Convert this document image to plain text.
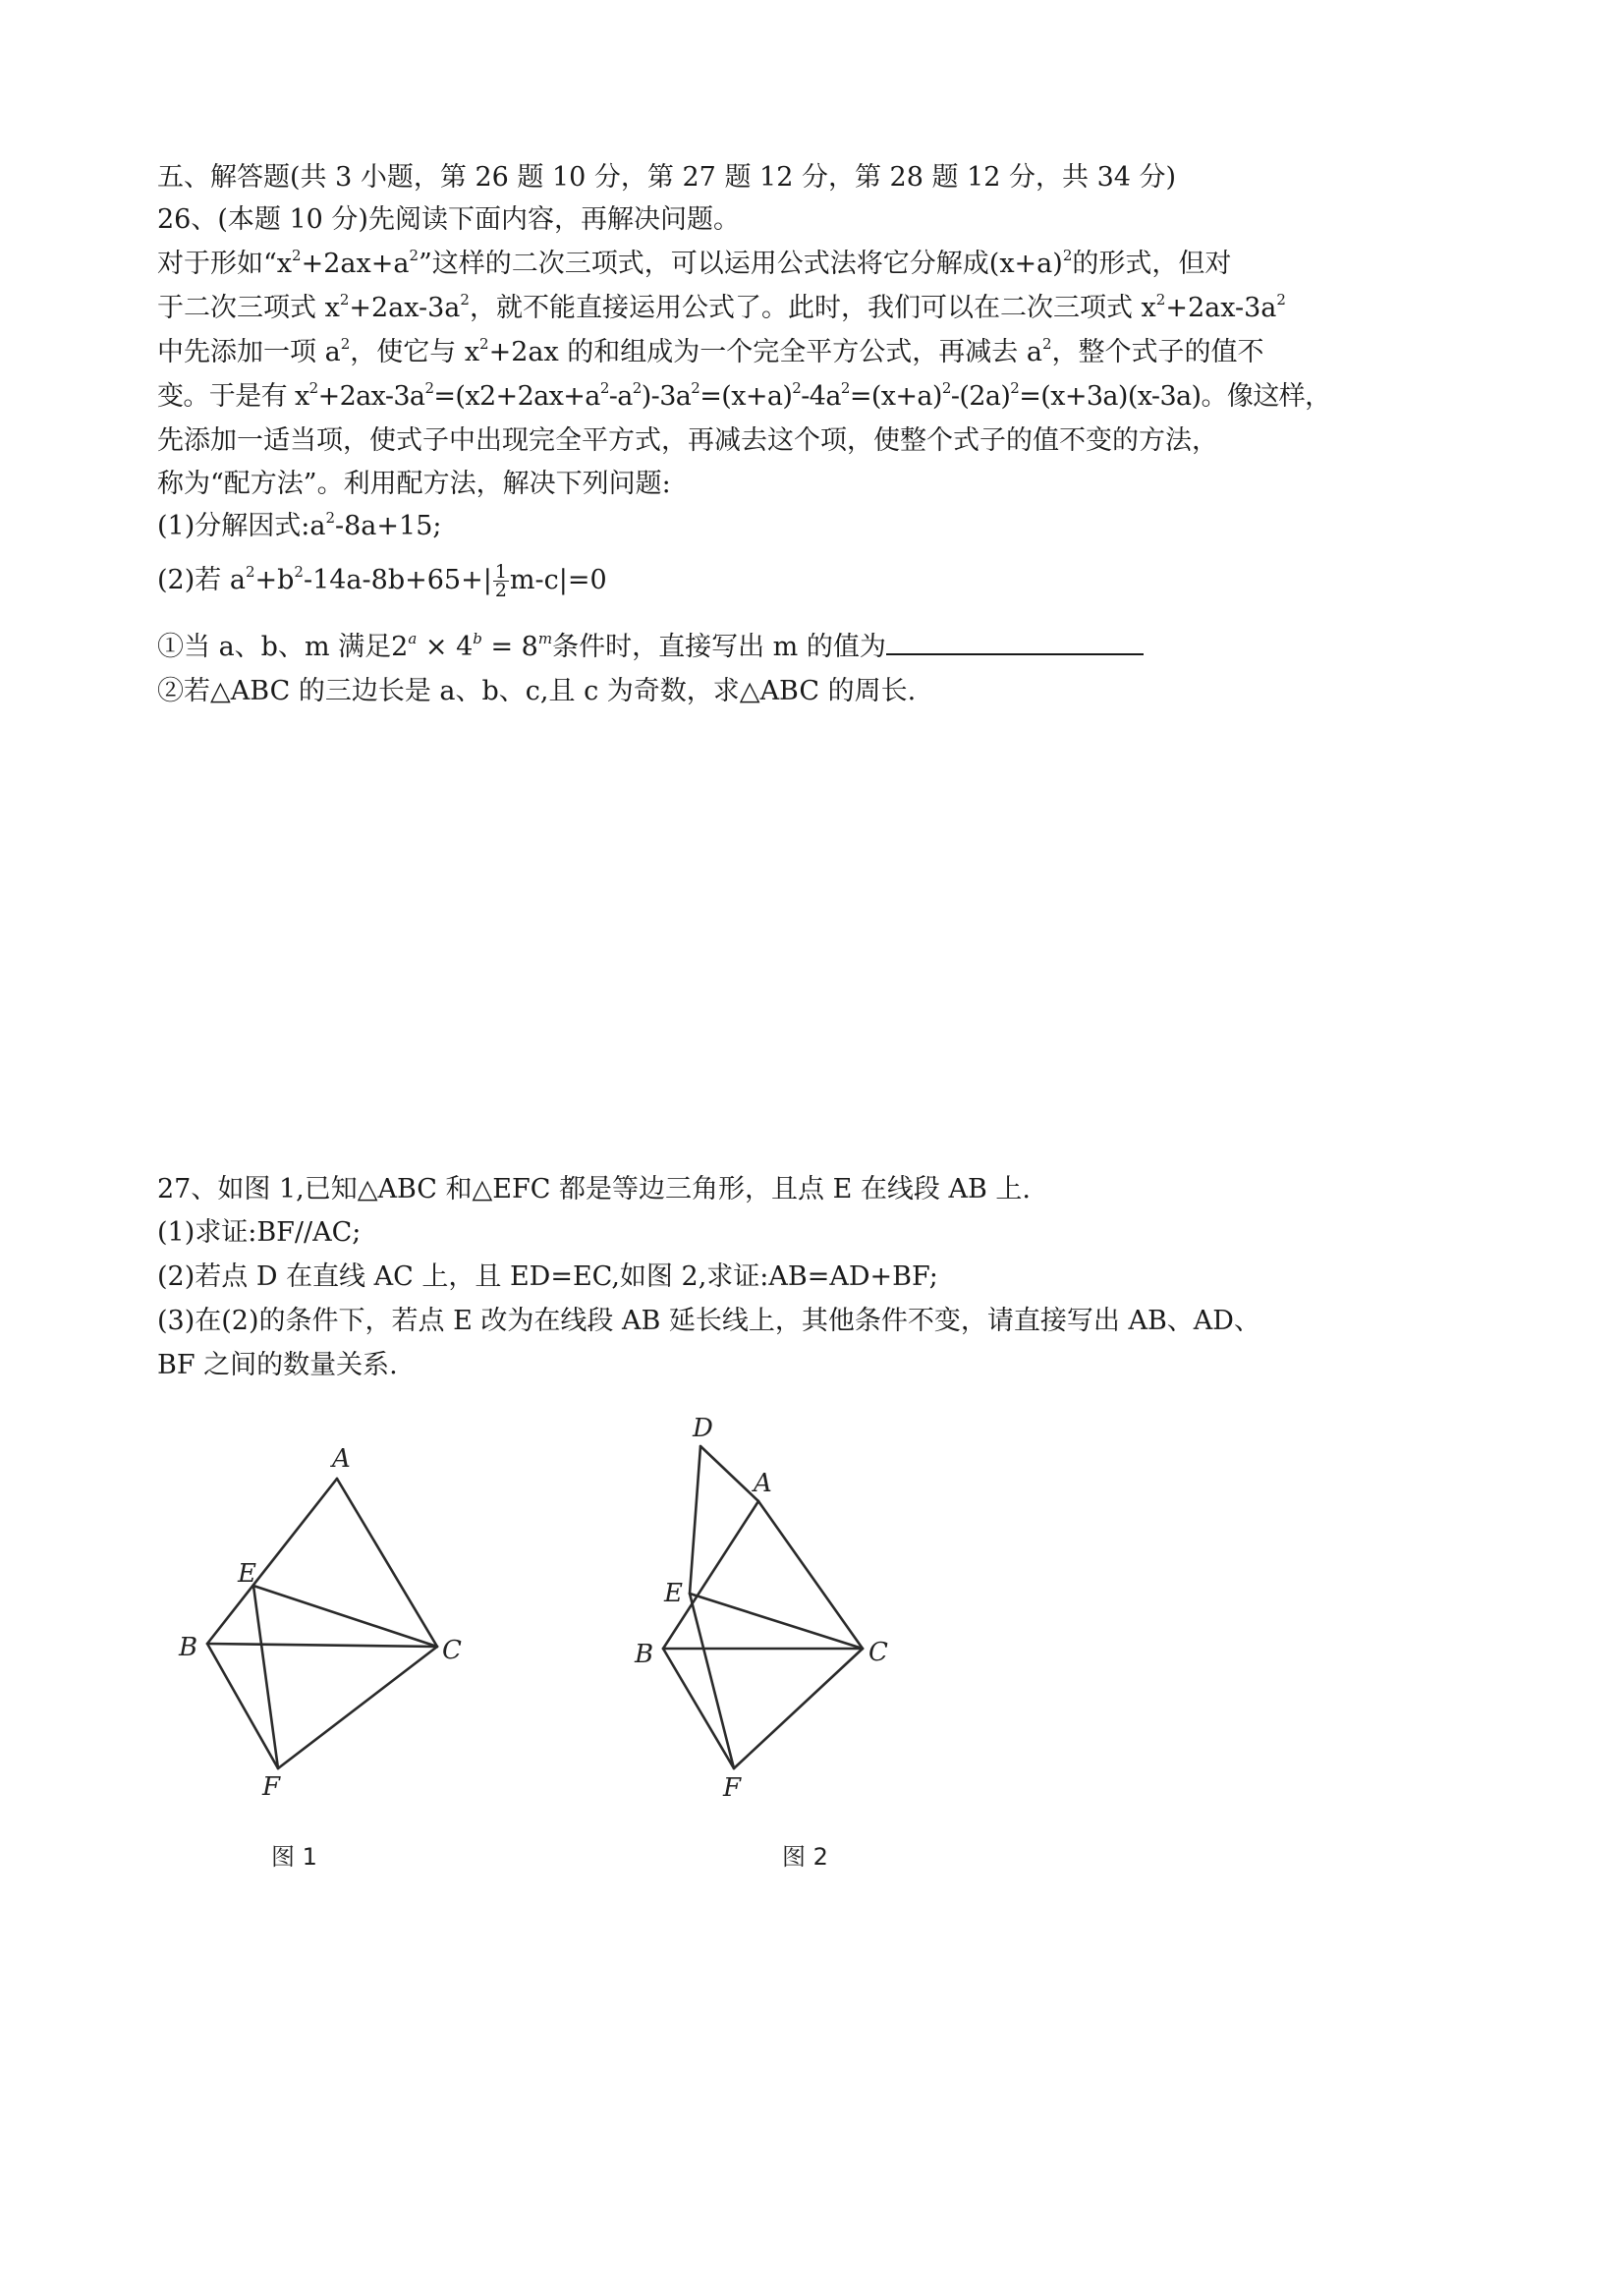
五、解答题(共 3 小题，第 26 题 10 分，第 27 题 12 分，第 28 题 12 分，共 34 分)
26、(本题 10 分)先阅读下面内容，再解决问题。
对于形如“$x^2+2ax+a^2$”这样的二次三项式，可以运用公式法将它分解成$(x+a)^2$的形式，但对
于二次三项式 $x^2+2ax-3a^2$，就不能直接运用公式了。此时，我们可以在二次三项式 $x^2+2ax-3a^2$
中先添加一项 $a^2$，使它与 $x^2+2ax$ 的和组成为一个完全平方公式，再减去 $a^2$，整个式子的值不
变。于是有 $x^2+2ax-3a^2=(x2+2ax+a^2-a^2)-3a^2=(x+a)^2-4a^2=(x+a)^2-(2a)^2=(x+3a)(x-3a)$。像这样，
先添加一适当项，使式子中出现完全平方式，再减去这个项，使整个式子的值不变的方法，
称为“配方法”。利用配方法，解决下列问题:
(1)分解因式$:a^2-8a+15$;
(2)若 $a^2+b^2-14a-8b+65+| \frac{1}{2} m-c|=0$
①当 a、b、m 满足$2^a \times 4^b = 8^m$条件时，直接写出 m 的值为
②若△ABC 的三边长是 a、b、c,且 c 为奇数，求△ABC 的周长.
27、如图 1,已知△ABC 和△EFC 都是等边三角形，且点 E 在线段 AB 上.
(1)求证:BF//AC;
(2)若点 D 在直线 AC 上，且 ED=EC,如图 2,求证:AB=AD+BF;
(3)在(2)的条件下，若点 E 改为在线段 AB 延长线上，其他条件不变，请直接写出 AB、AD、
BF 之间的数量关系.
A
B	C
E
F
图 1
D
A
B	C
E
F
图 2
